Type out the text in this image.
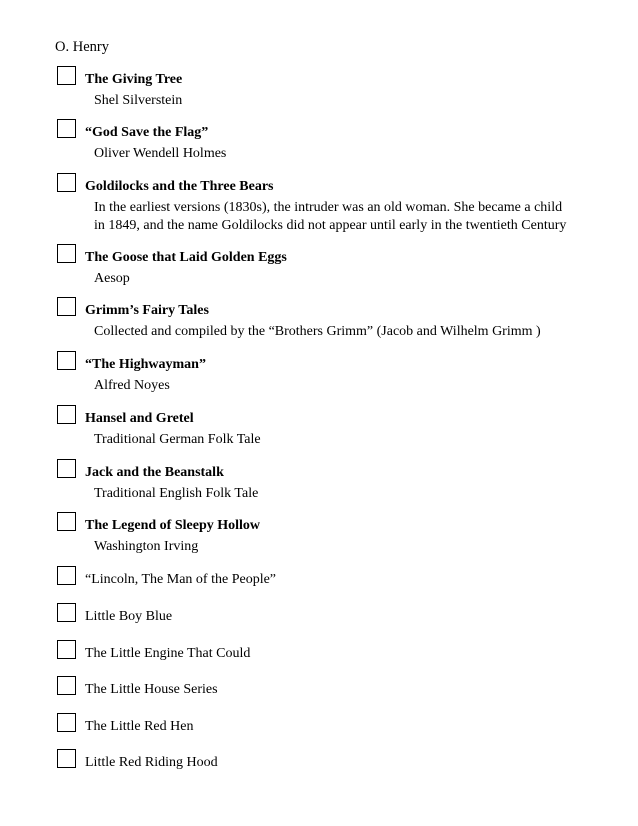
O. Henry
The Giving Tree
Shel Silverstein
“God Save the Flag”
Oliver Wendell Holmes
Goldilocks and the Three Bears
In the earliest versions (1830s), the intruder was an old woman. She became a child
in 1849, and the name Goldilocks did not appear until early in the twentieth Century
The Goose that Laid Golden Eggs
Aesop
Grimm’s Fairy Tales
Collected and compiled by the “Brothers Grimm” (Jacob and Wilhelm Grimm )
“The Highwayman”
Alfred Noyes
Hansel and Gretel
Traditional German Folk Tale
Jack and the Beanstalk
Traditional English Folk Tale
The Legend of Sleepy Hollow
Washington Irving
“Lincoln, The Man of the People”
Little Boy Blue
The Little Engine That Could
The Little House Series
The Little Red Hen
Little Red Riding Hood
